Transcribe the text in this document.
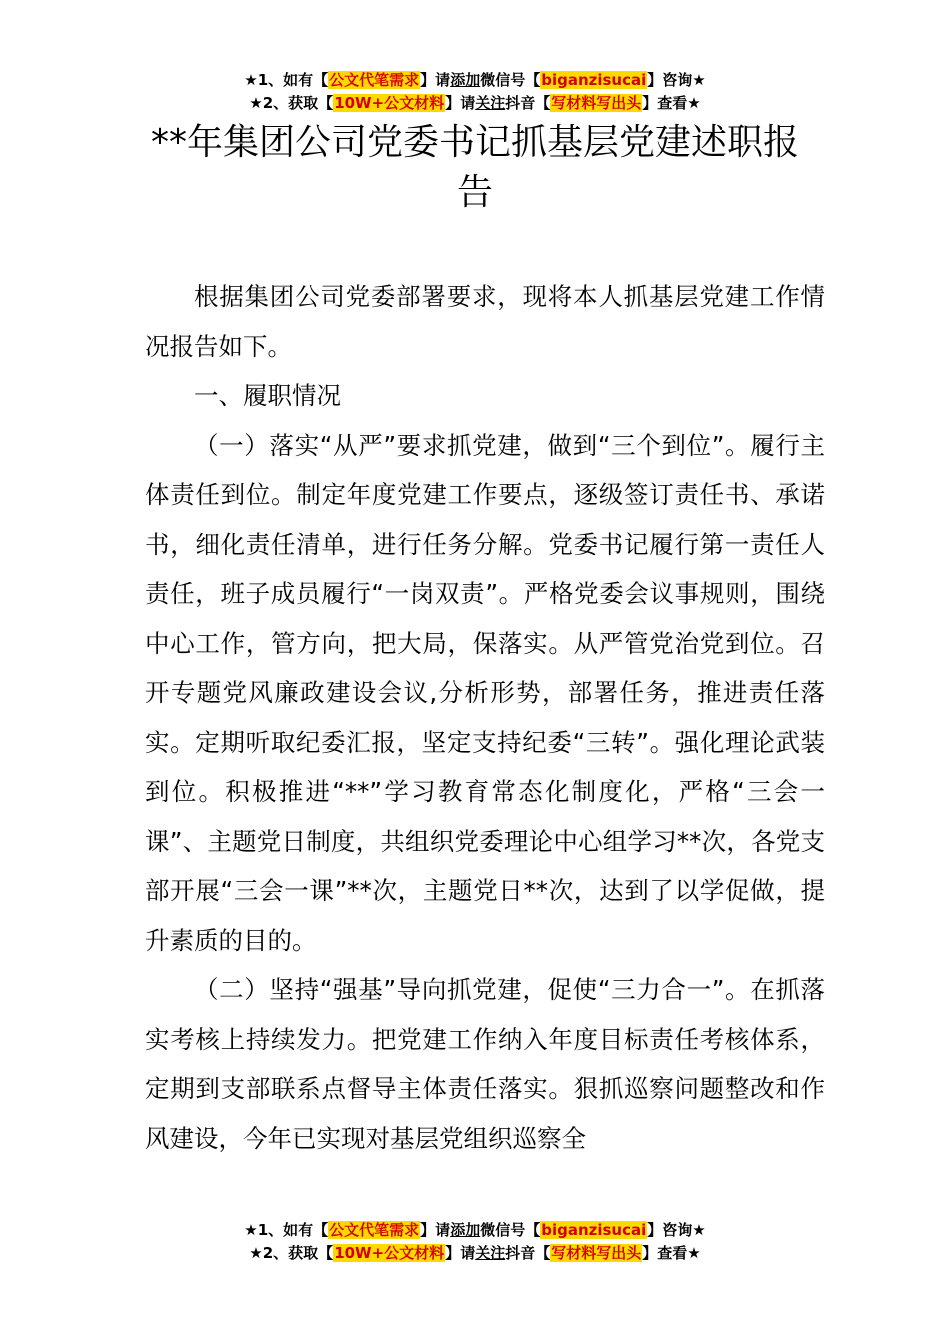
★1、如有【公文代笔需求】请添加微信号【biganzisucai】咨询★
★2、获取【10W+公文材料】请关注抖音【写材料写出头】查看★
**年集团公司党委书记抓基层党建述职报
告

根据集团公司党委部署要求，现将本人抓基层党建工作情况报告如下。

一、履职情况

（一）落实“从严”要求抓党建，做到“三个到位”。履行主体责任到位。制定年度党建工作要点，逐级签订责任书、承诺书，细化责任清单，进行任务分解。党委书记履行第一责任人责任，班子成员履行“一岗双责”。严格党委会议事规则，围绕中心工作，管方向，把大局，保落实。从严管党治党到位。召开专题党风廉政建设会议,分析形势，部署任务，推进责任落实。定期听取纪委汇报，坚定支持纪委“三转”。强化理论武装到位。积极推进“**”学习教育常态化制度化，严格“三会一课”、主题党日制度，共组织党委理论中心组学习**次，各党支部开展“三会一课”**次，主题党日**次，达到了以学促做，提升素质的目的。

（二）坚持“强基”导向抓党建，促使“三力合一”。在抓落实考核上持续发力。把党建工作纳入年度目标责任考核体系，定期到支部联系点督导主体责任落实。狠抓巡察问题整改和作风建设，今年已实现对基层党组织巡察全

★1、如有【公文代笔需求】请添加微信号【biganzisucai】咨询★
★2、获取【10W+公文材料】请关注抖音【写材料写出头】查看★
